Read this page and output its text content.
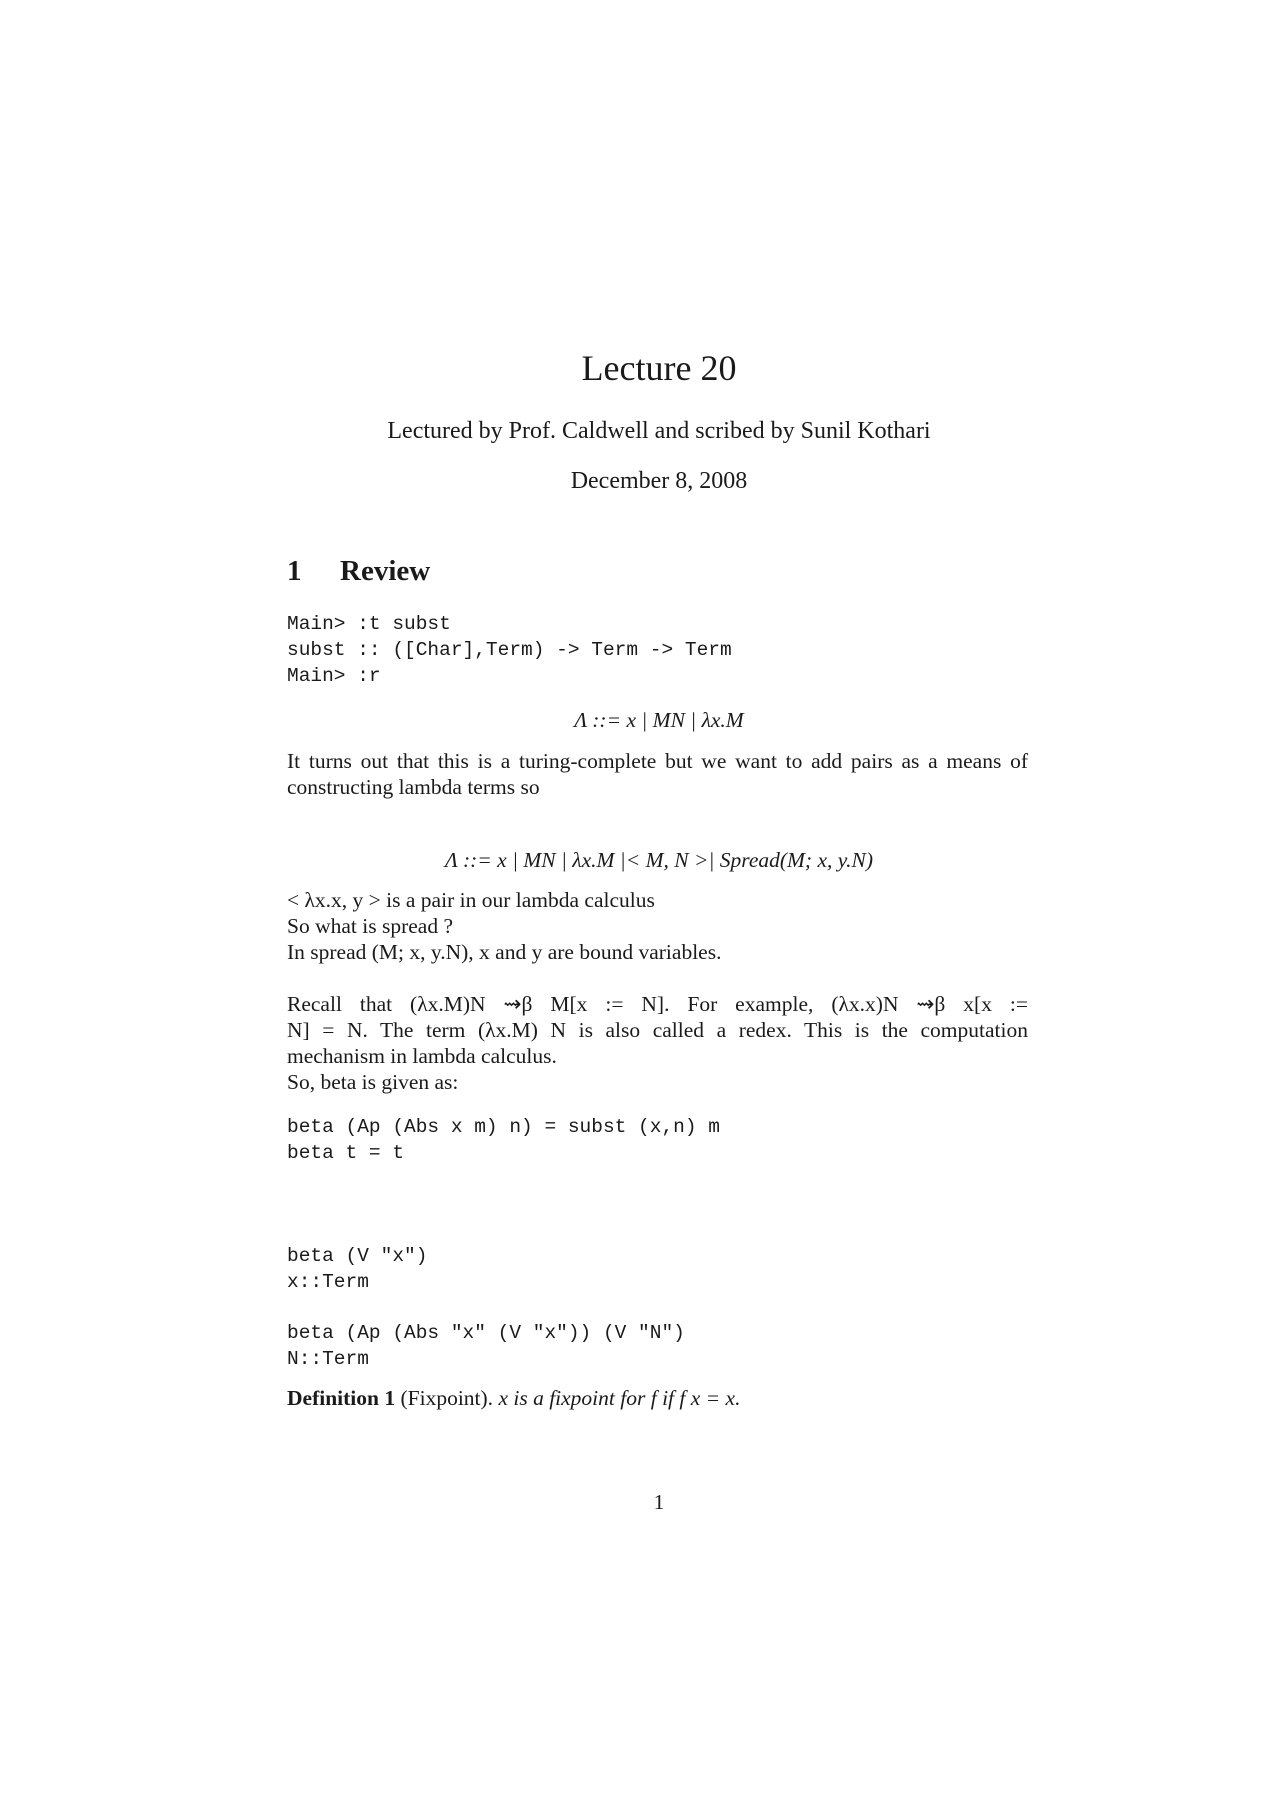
Lecture 20
Lectured by Prof. Caldwell and scribed by Sunil Kothari
December 8, 2008
1 Review
Main> :t subst
subst :: ([Char],Term) -> Term -> Term
Main> :r
Λ ::= x | MN | λx.M
It turns out that this is a turing-complete but we want to add pairs as a means of constructing lambda terms so
Λ ::= x | MN | λx.M |< M, N >| Spread(M; x, y.N)
< λx.x, y > is a pair in our lambda calculus
So what is spread ?
In spread (M; x, y.N), x and y are bound variables.
Recall that (λx.M)N ⇝β M[x := N]. For example, (λx.x)N ⇝β x[x :=
N] = N. The term (λx.M) N is also called a redex. This is the computation
mechanism in lambda calculus.
So, beta is given as:
beta (Ap (Abs x m) n) = subst (x,n) m
beta t = t
beta (V "x")
x::Term
beta (Ap (Abs "x" (V "x")) (V "N")
N::Term
Definition 1 (Fixpoint). x is a fixpoint for f if f x = x.
1
